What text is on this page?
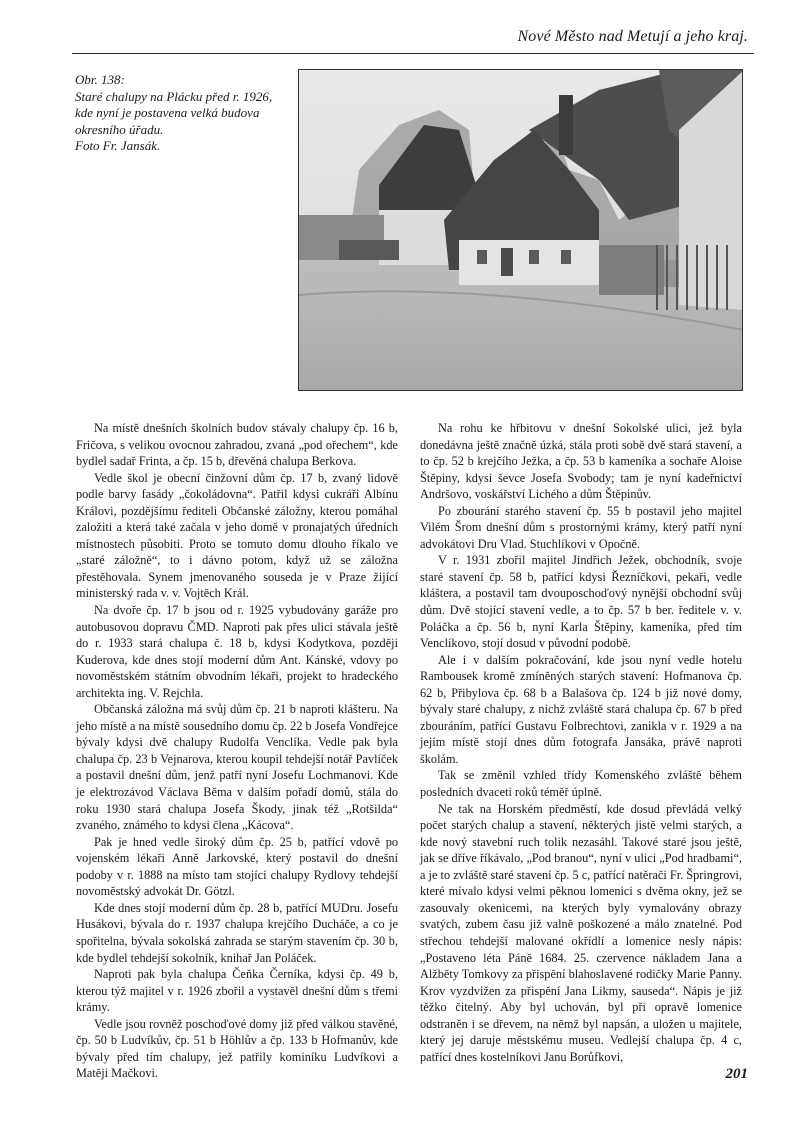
Nové Město nad Metují a jeho kraj.
Obr. 138:
Staré chalupy na Plácku před r. 1926,
kde nyní je postavena velká budova
okresního úřadu.
Foto Fr. Jansák.

Na místě dnešních školních budov stávaly chalupy čp. 16 b, Fričova, s velikou ovocnou zahradou, zvaná „pod ořechem“, kde bydlel sadař Frinta, a čp. 15 b, dřevěná chalupa Berkova.

Vedle škol je obecní činžovní dům čp. 17 b, zvaný lidově podle barvy fasády „čokoládovna“. Patřil kdysi cukráři Albínu Královi, pozdějšímu řediteli Občanské záložny, kterou pomáhal založiti a která také začala v jeho domě v pronajatých úředních místnostech působiti. Proto se tomuto domu dlouho říkalo ve „staré záložně“, to i dávno potom, když už se záložna přestěhovala. Synem jmenovaného souseda je v Praze žijící ministerský rada v. v. Vojtěch Král.

Na dvoře čp. 17 b jsou od r. 1925 vybudovány garáže pro autobusovou dopravu ČMD. Naproti pak přes ulici stávala ještě do r. 1933 stará chalupa č. 18 b, kdysi Kodytkova, později Kuderova, kde dnes stojí moderní dům Ant. Kánské, vdovy po novoměstském státním obvodním lékaři, projekt to hradeckého architekta ing. V. Rejchla.

Občanská záložna má svůj dům čp. 21 b naproti klášteru. Na jeho místě a na místě sousedního domu čp. 22 b Josefa Vondřejce bývaly kdysi dvě chalupy Rudolfa Venclíka. Vedle pak byla chalupa čp. 23 b Vejnarova, kterou koupil tehdejší notář Pavlíček a postavil dnešní dům, jenž patří nyní Josefu Lochmanovi. Kde je elektrozávod Václava Běma v dalším pořadí domů, stála do roku 1930 stará chalupa Josefa Škody, jinak též „Rotšilda“ zvaného, známého to kdysi člena „Kácova“.

Pak je hned vedle široký dům čp. 25 b, patřící vdově po vojenském lékaři Anně Jarkovské, který postavil do dnešní podoby v r. 1888 na místo tam stojící chalupy Rydlovy tehdejší novoměstský advokát Dr. Götzl.

Kde dnes stojí moderní dům čp. 28 b, patřící MUDru. Josefu Husákovi, bývala do r. 1937 chalupa krejčího Ducháče, a co je spořitelna, bývala sokolská zahrada se starým stavením čp. 30 b, kde bydlel tehdejší sokolník, knihař Jan Poláček.

Naproti pak byla chalupa Čeňka Černíka, kdysi čp. 49 b, kterou týž majitel v r. 1926 zbořil a vystavěl dnešní dům s třemi krámy.

Vedle jsou rovněž poschoďové domy již před válkou stavěné, čp. 50 b Ludvíkův, čp. 51 b Höhlův a čp. 133 b Hofmanův, kde bývaly před tím chalupy, jež patřily kominíku Ludvíkovi a Matěji Mačkovi.

Na rohu ke hřbitovu v dnešní Sokolské ulici, jež byla donedávna ještě značně úzká, stála proti sobě dvě stará stavení, a to čp. 52 b krejčího Ježka, a čp. 53 b kameníka a sochaře Aloise Štěpiny, kdysi ševce Josefa Svobody; tam je nyní kadeřnictví Andršovo, voskářství Lichého a dům Štěpinův.

Po zbourání starého stavení čp. 55 b postavil jeho majitel Vilém Šrom dnešní dům s prostornými krámy, který patří nyní advokátovi Dru Vlad. Stuchlíkovi v Opočně.

V r. 1931 zbořil majitel Jindřich Ježek, obchodník, svoje staré stavení čp. 58 b, patřící kdysi Řezníčkovi, pekaři, vedle kláštera, a postavil tam dvouposchoďový nynější obchodní svůj dům. Dvě stojící stavení vedle, a to čp. 57 b ber. ředitele v. v. Poláčka a čp. 56 b, nyní Karla Štěpiny, kameníka, před tím Venclíkovo, stojí dosud v původní podobě.

Ale i v dalším pokračování, kde jsou nyní vedle hotelu Rambousek kromě zmíněných starých stavení: Hofmanova čp. 62 b, Přibylova čp. 68 b a Balašova čp. 124 b již nové domy, bývaly staré chalupy, z nichž zvláště stará chalupa čp. 67 b před zbouráním, patřící Gustavu Folbrechtovi, zanikla v r. 1929 a na jejím místě stojí dnes dům fotografa Jansáka, právě naproti školám.

Tak se změnil vzhled třídy Komenského zvláště během posledních dvaceti roků téměř úplně.

Ne tak na Horském předměstí, kde dosud převládá velký počet starých chalup a stavení, některých jistě velmi starých, a kde nový stavební ruch tolik nezasáhl. Takové staré jsou ještě, jak se dříve říkávalo, „Pod branou“, nyní v ulici „Pod hradbami“, a je to zvláště staré stavení čp. 5 c, patřící natěrači Fr. Špringrovi, které mívalo kdysi velmi pěknou lomenici s dvěma okny, jež se zasouvaly okenicemi, na kterých byly vymalovány obrazy svatých, zubem času již valně poškozené a málo znatelné. Pod střechou tehdejší malované okřídlí a lomenice nesly nápis: „Postaveno léta Páně 1684. 25. czervence nákladem Jana a Alžběty Tomkovy za přispění blahoslavené rodičky Marie Panny. Krov vyzdvižen za přispění Jana Likmy, sauseda“. Nápis je již těžko čitelný. Aby byl uchován, byl při opravě lomenice odstraněn i se dřevem, na němž byl napsán, a uložen u majitele, který jej daruje městskému museu. Vedlejší chalupa čp. 4 c, patřící dnes kostelníkovi Janu Borůfkovi,

201
